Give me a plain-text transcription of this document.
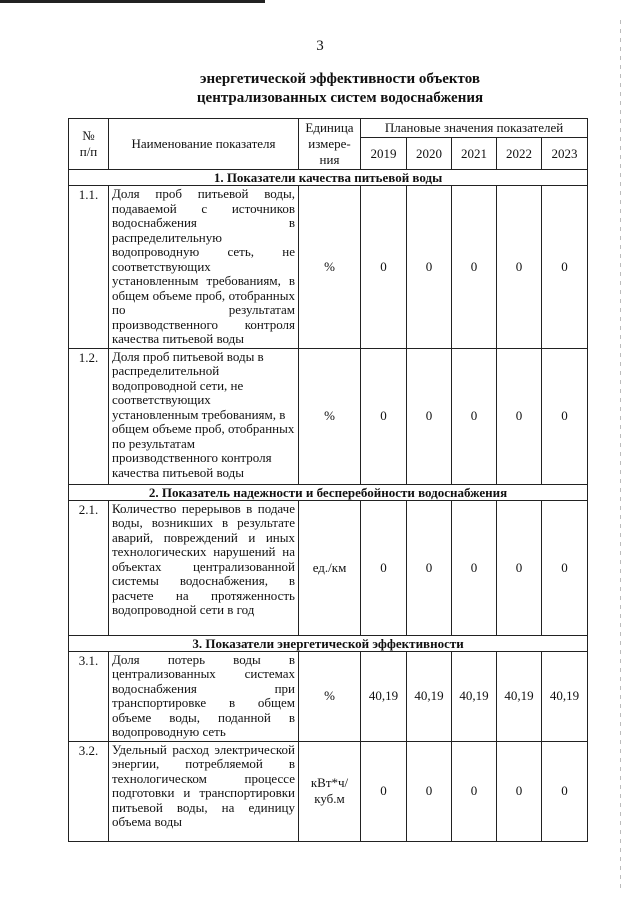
3
энергетической эффективности объектов
централизованных систем водоснабжения
№
п/п	Наименование показателя	Единица
измере-
ния	Плановые значения показателей				
			2019	2020	2021	2022	2023
1. Показатели качества питьевой воды							
1.1.	Доля проб питьевой воды, подаваемой с источников водоснабжения в распределительную водопроводную сеть, не соответствующих установленным требованиям, в общем объеме проб, отобранных по результатам производственного контроля качества питьевой воды	%	0	0	0	0	0
1.2.	Доля проб питьевой воды в распределительной водопроводной сети, не соответствующих установленным требованиям, в общем объеме проб, отобранных по результатам производственного контроля качества питьевой воды	%	0	0	0	0	0
2. Показатель надежности и бесперебойности водоснабжения							
2.1.	Количество перерывов в подаче воды, возникших в результате аварий, повреждений и иных технологических нарушений на объектах централизованной системы водоснабжения, в расчете на протяженность водопроводной сети в год	ед./км	0	0	0	0	0
3. Показатели энергетической эффективности							
3.1.	Доля потерь воды в централизованных системах водоснабжения при транспортировке в общем объеме воды, поданной в водопроводную сеть	%	40,19	40,19	40,19	40,19	40,19
3.2.	Удельный расход электрической энергии, потребляемой в технологическом процессе подготовки и транспортировки питьевой воды, на единицу объема воды	кВт*ч/
куб.м	0	0	0	0	0
